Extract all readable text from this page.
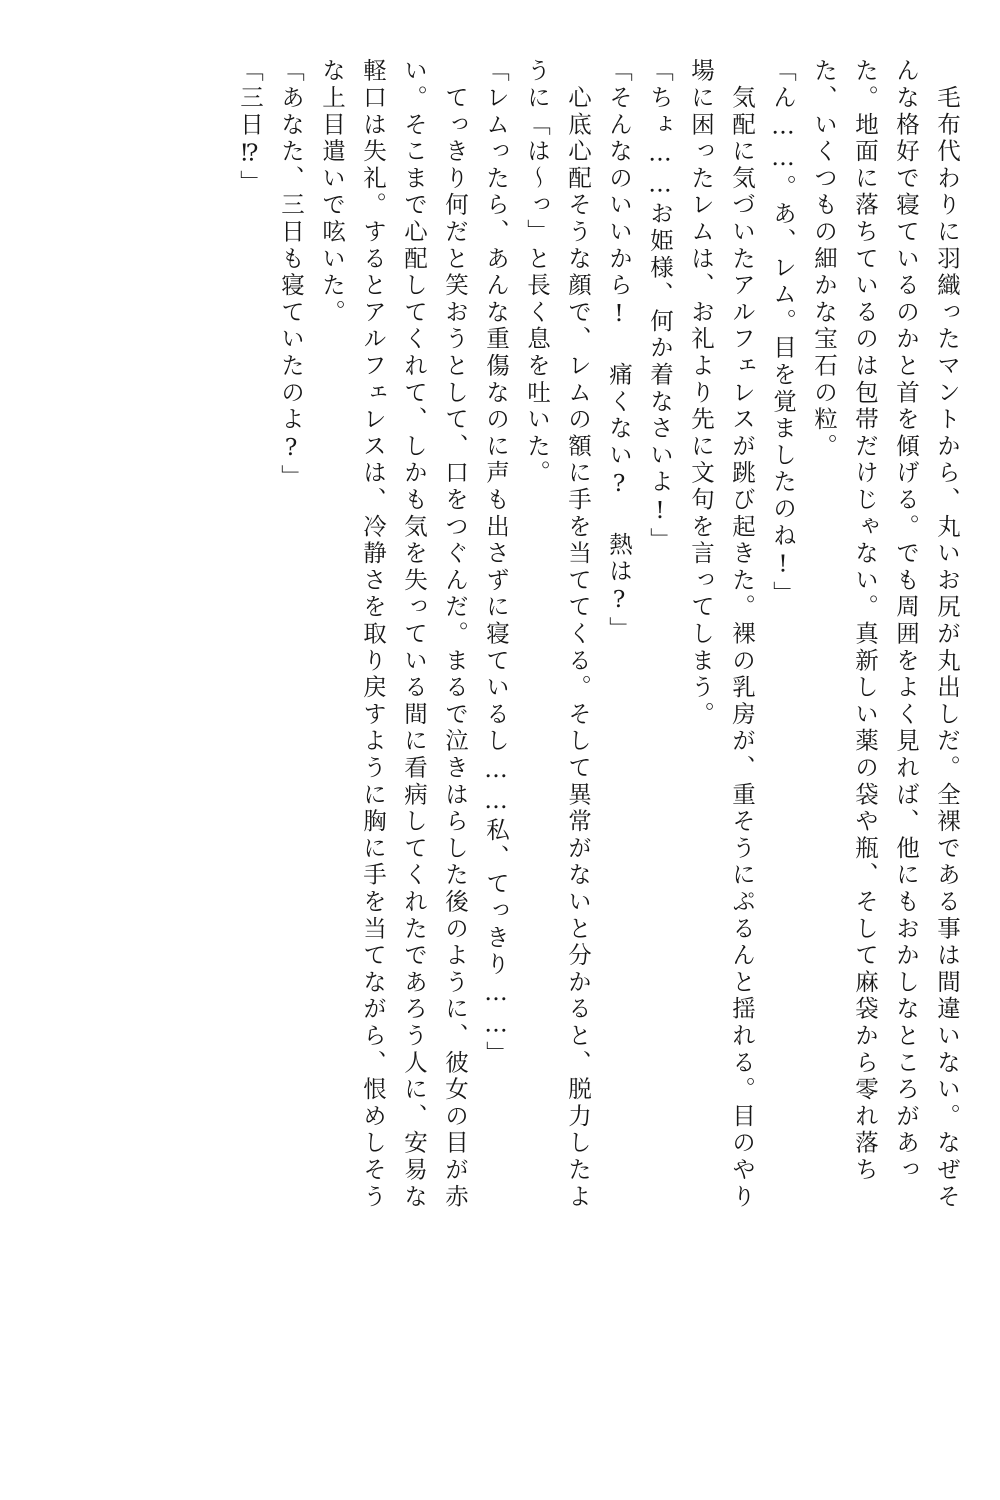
　毛布代わりに羽織ったマントから、丸いお尻が丸出しだ。全裸である事は間違いない。なぜそ
んな格好で寝ているのかと首を傾げる。でも周囲をよく見れば、他にもおかしなところがあっ
た。地面に落ちているのは包帯だけじゃない。真新しい薬の袋や瓶、そして麻袋から零れ落ち
た、いくつもの細かな宝石の粒。
「ん……。あ、レム。目を覚ましたのね!」
　気配に気づいたアルフェレスが跳び起きた。裸の乳房が、重そうにぷるんと揺れる。目のやり
場に困ったレムは、お礼より先に文句を言ってしまう。
「ちょ……お姫様、何か着なさいよ!」
「そんなのいいから! 痛くない? 熱は?」
　心底心配そうな顔で、レムの額に手を当ててくる。そして異常がないと分かると、脱力したよ
うに「は～っ」と長く息を吐いた。
「レムったら、あんな重傷なのに声も出さずに寝ているし……私、てっきり……」
　てっきり何だと笑おうとして、口をつぐんだ。まるで泣きはらした後のように、彼女の目が赤
い。そこまで心配してくれて、しかも気を失っている間に看病してくれたであろう人に、安易な
軽口は失礼。するとアルフェレスは、冷静さを取り戻すように胸に手を当てながら、恨めしそう
な上目遣いで呟いた。
「あなた、三日も寝ていたのよ?」
「三日⁉」
